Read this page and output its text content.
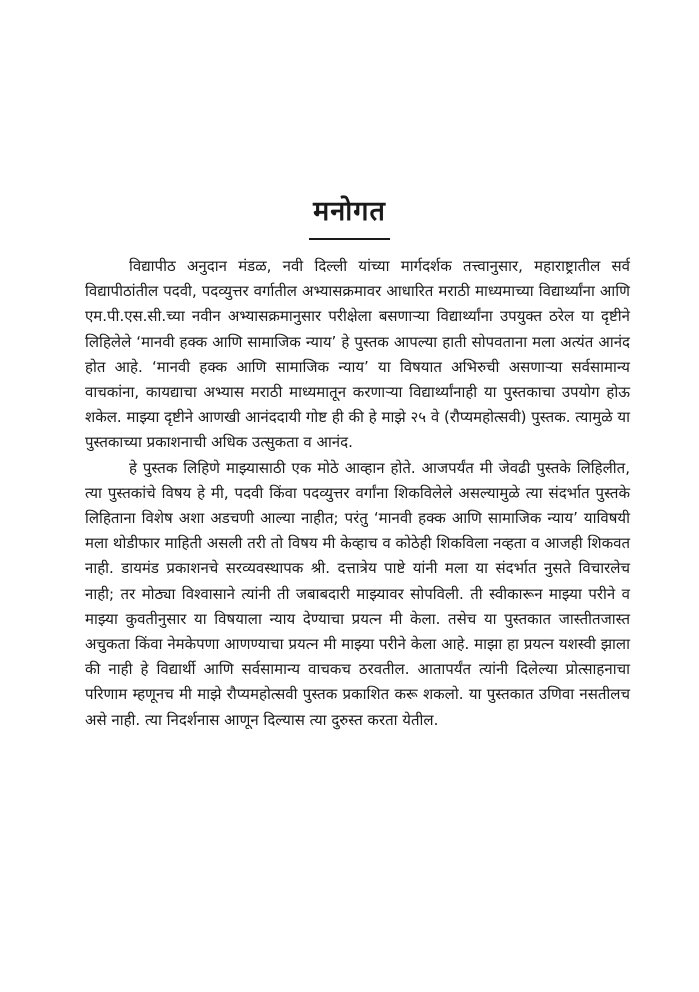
मनोगत

विद्यापीठ अनुदान मंडळ, नवी दिल्ली यांच्या मार्गदर्शक तत्त्वानुसार, महाराष्ट्रातील सर्व विद्यापीठांतील पदवी, पदव्युत्तर वर्गातील अभ्यासक्रमावर आधारित मराठी माध्यमाच्या विद्यार्थ्यांना आणि एम.पी.एस.सी.च्या नवीन अभ्यासक्रमानुसार परीक्षेला बसणाऱ्या विद्यार्थ्यांना उपयुक्त ठरेल या दृष्टीने लिहिलेले ‘मानवी हक्क आणि सामाजिक न्याय’ हे पुस्तक आपल्या हाती सोपवताना मला अत्यंत आनंद होत आहे. ‘मानवी हक्क आणि सामाजिक न्याय’ या विषयात अभिरुची असणाऱ्या सर्वसामान्य वाचकांना, कायद्याचा अभ्यास मराठी माध्यमातून करणाऱ्या विद्यार्थ्यांनाही या पुस्तकाचा उपयोग होऊ शकेल. माझ्या दृष्टीने आणखी आनंददायी गोष्ट ही की हे माझे २५ वे (रौप्यमहोत्सवी) पुस्तक. त्यामुळे या पुस्तकाच्या प्रकाशनाची अधिक उत्सुकता व आनंद.

हे पुस्तक लिहिणे माझ्यासाठी एक मोठे आव्हान होते. आजपर्यंत मी जेवढी पुस्तके लिहिलीत, त्या पुस्तकांचे विषय हे मी, पदवी किंवा पदव्युत्तर वर्गांना शिकविलेले असल्यामुळे त्या संदर्भात पुस्तके लिहिताना विशेष अशा अडचणी आल्या नाहीत; परंतु ‘मानवी हक्क आणि सामाजिक न्याय’ याविषयी मला थोडीफार माहिती असली तरी तो विषय मी केव्हाच व कोठेही शिकविला नव्हता व आजही शिकवत नाही. डायमंड प्रकाशनचे सरव्यवस्थापक श्री. दत्तात्रेय पाष्टे यांनी मला या संदर्भात नुसते विचारलेच नाही; तर मोठ्या विश्वासाने त्यांनी ती जबाबदारी माझ्यावर सोपविली. ती स्वीकारून माझ्या परीने व माझ्या कुवतीनुसार या विषयाला न्याय देण्याचा प्रयत्न मी केला. तसेच या पुस्तकात जास्तीतजास्त अचुकता किंवा नेमकेपणा आणण्याचा प्रयत्न मी माझ्या परीने केला आहे. माझा हा प्रयत्न यशस्वी झाला की नाही हे विद्यार्थी आणि सर्वसामान्य वाचकच ठरवतील. आतापर्यंत त्यांनी दिलेल्या प्रोत्साहनाचा परिणाम म्हणूनच मी माझे रौप्यमहोत्सवी पुस्तक प्रकाशित करू शकलो. या पुस्तकात उणिवा नसतीलच असे नाही. त्या निदर्शनास आणून दिल्यास त्या दुरुस्त करता येतील.
